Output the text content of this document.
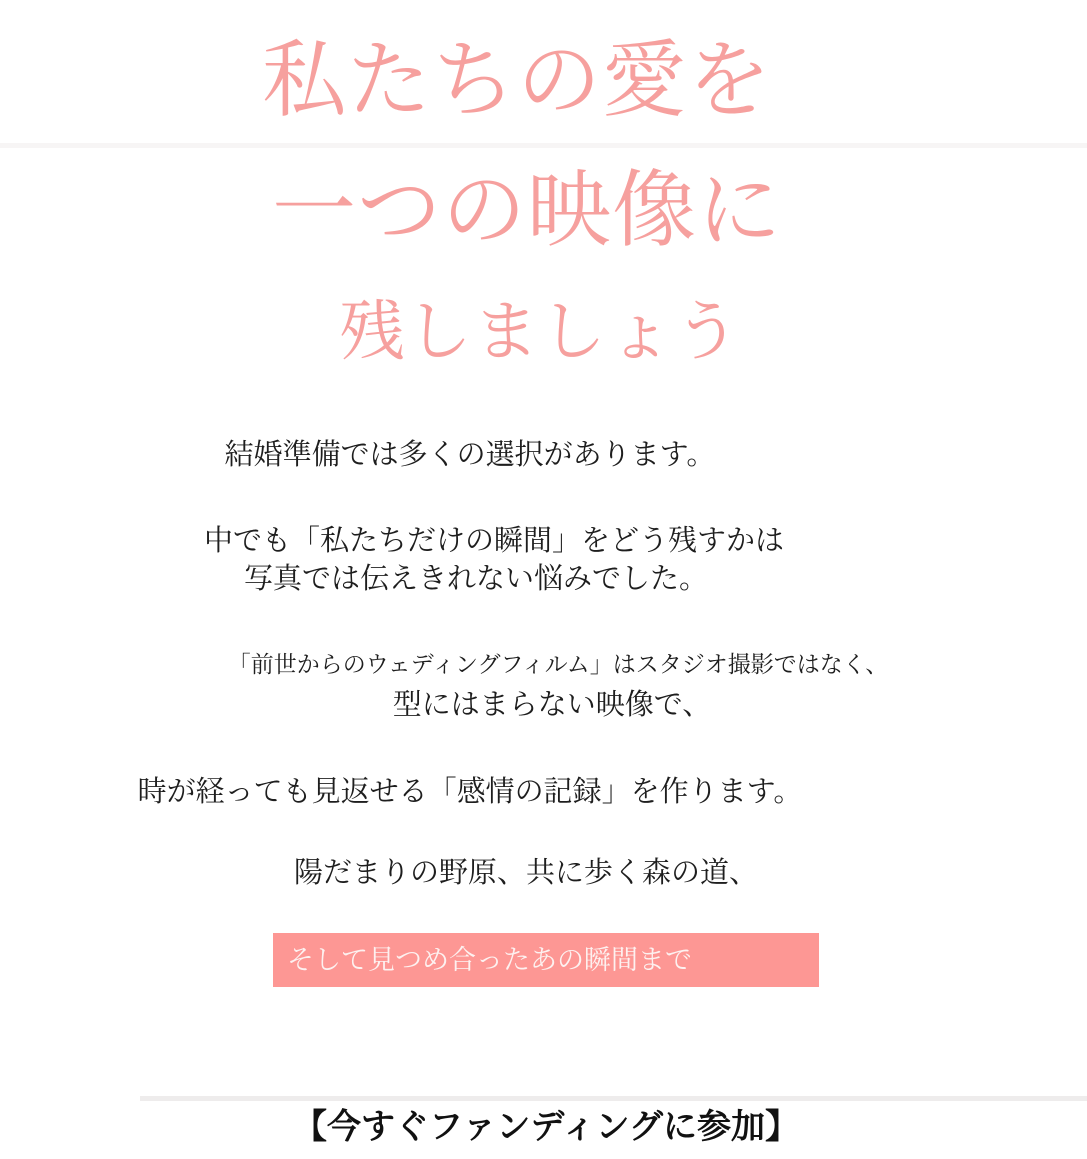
私たちの愛を
一つの映像に
残しましょう
結婚準備では多くの選択があります。
中でも「私たちだけの瞬間」をどう残すかは
写真では伝えきれない悩みでした。
「前世からのウェディングフィルム」はスタジオ撮影ではなく、
型にはまらない映像で、
時が経っても見返せる「感情の記録」を作ります。
陽だまりの野原、共に歩く森の道、
そして見つめ合ったあの瞬間まで
【今すぐファンディングに参加】
